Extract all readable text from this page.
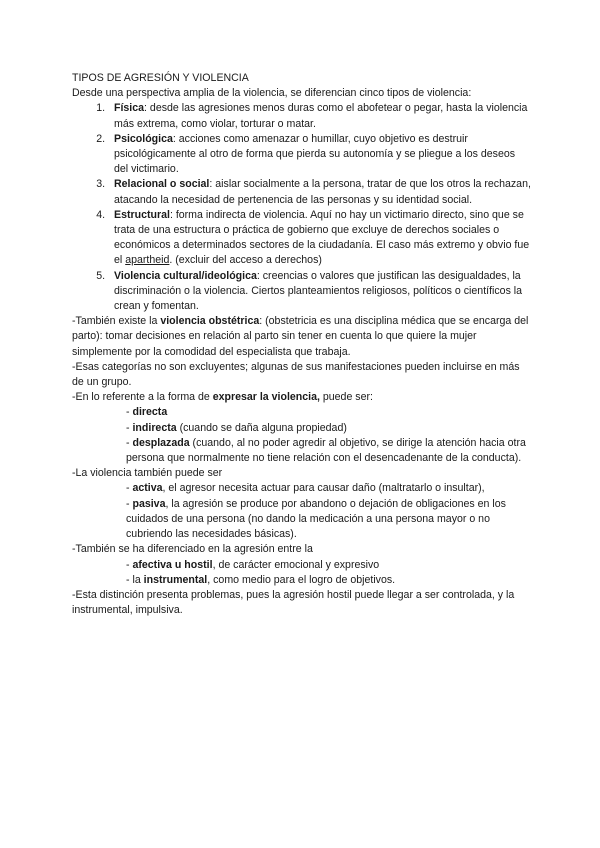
TIPOS DE AGRESIÓN Y VIOLENCIA

Desde una perspectiva amplia de la violencia, se diferencian cinco tipos de violencia:

1. Física: desde las agresiones menos duras como el abofetear o pegar, hasta la violencia más extrema, como violar, torturar o matar.
2. Psicológica: acciones como amenazar o humillar, cuyo objetivo es destruir psicológicamente al otro de forma que pierda su autonomía y se pliegue a los deseos del victimario.
3. Relacional o social: aislar socialmente a la persona, tratar de que los otros la rechazan, atacando la necesidad de pertenencia de las personas y su identidad social.
4. Estructural: forma indirecta de violencia. Aquí no hay un victimario directo, sino que se trata de una estructura o práctica de gobierno que excluye de derechos sociales o económicos a determinados sectores de la ciudadanía. El caso más extremo y obvio fue el apartheid. (excluir del acceso a derechos)
5. Violencia cultural/ideológica: creencias o valores que justifican las desigualdades, la discriminación o la violencia. Ciertos planteamientos religiosos, políticos o científicos la crean y fomentan.

-También existe la violencia obstétrica: (obstetricia es una disciplina médica que se encarga del parto): tomar decisiones en relación al parto sin tener en cuenta lo que quiere la mujer simplemente por la comodidad del especialista que trabaja.

-Esas categorías no son excluyentes; algunas de sus manifestaciones pueden incluirse en más de un grupo.

-En lo referente a la forma de expresar la violencia, puede ser:

- directa
- indirecta (cuando se daña alguna propiedad)
- desplazada (cuando, al no poder agredir al objetivo, se dirige la atención hacia otra persona que normalmente no tiene relación con el desencadenante de la conducta).

-La violencia también puede ser

- activa, el agresor necesita actuar para causar daño (maltratarlo o insultar),
- pasiva, la agresión se produce por abandono o dejación de obligaciones en los cuidados de una persona (no dando la medicación a una persona mayor o no cubriendo las necesidades básicas).

-También se ha diferenciado en la agresión entre la

- afectiva u hostil, de carácter emocional y expresivo
- la instrumental, como medio para el logro de objetivos.

-Esta distinción presenta problemas, pues la agresión hostil puede llegar a ser controlada, y la instrumental, impulsiva.
